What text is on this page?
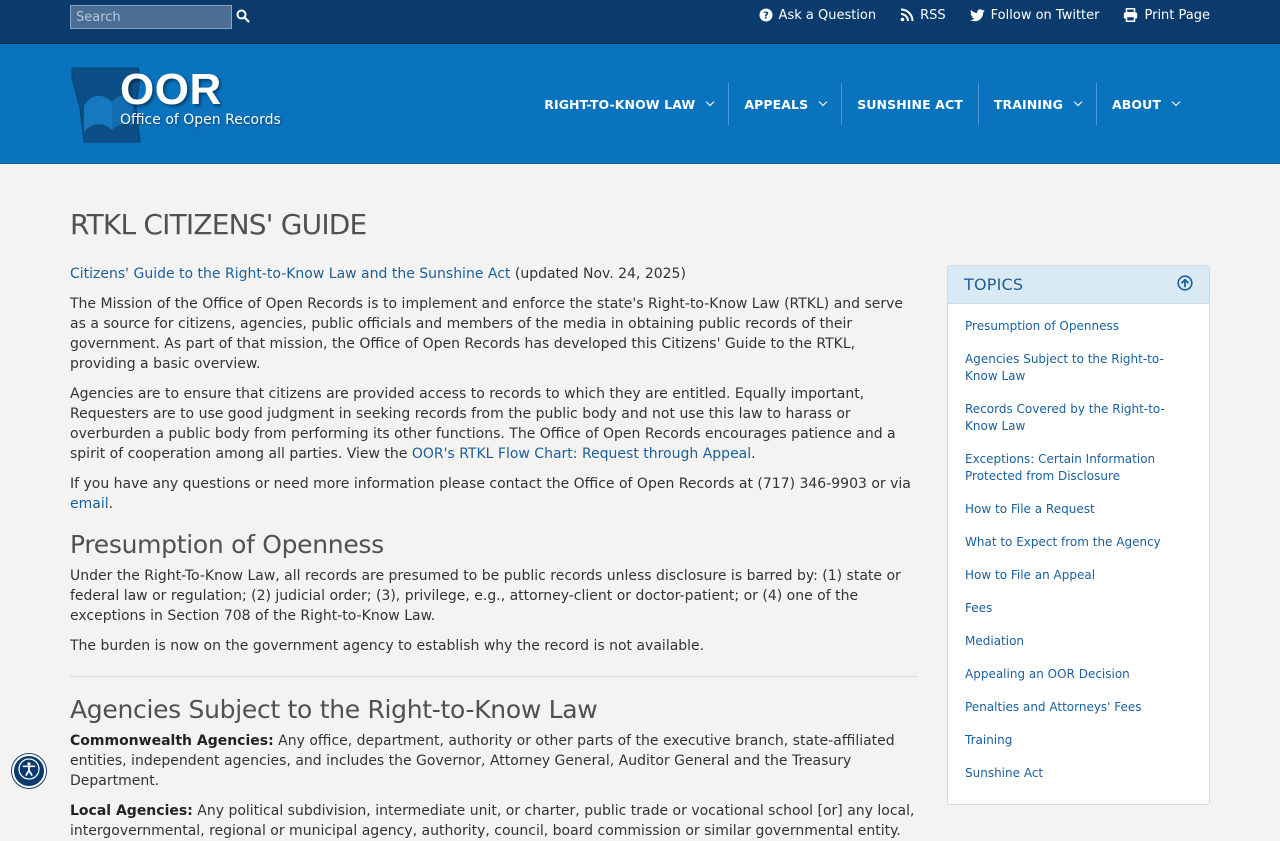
Search
? Ask a Question	RSS	Follow on Twitter	Print Page
OOR
Office of Open Records
RIGHT-TO-KNOW LAW	APPEALS	SUNSHINE ACT TRAINING	ABOUT
RTKL CITIZENS' GUIDE

Citizens' Guide to the Right-to-Know Law and the Sunshine Act (updated Nov. 24, 2025)

The Mission of the Office of Open Records is to implement and enforce the state's Right-to-Know Law (RTKL) and serve as a source for citizens, agencies, public officials and members of the media in obtaining public records of their government. As part of that mission, the Office of Open Records has developed this Citizens' Guide to the RTKL, providing a basic overview.

Agencies are to ensure that citizens are provided access to records to which they are entitled. Equally important, Requesters are to use good judgment in seeking records from the public body and not use this law to harass or overburden a public body from performing its other functions. The Office of Open Records encourages patience and a spirit of cooperation among all parties. View the OOR's RTKL Flow Chart: Request through Appeal.

If you have any questions or need more information please contact the Office of Open Records at (717) 346-9903 or via email.

Presumption of Openness

Under the Right-To-Know Law, all records are presumed to be public records unless disclosure is barred by: (1) state or federal law or regulation; (2) judicial order; (3), privilege, e.g., attorney-client or doctor-patient; or (4) one of the exceptions in Section 708 of the Right-to-Know Law.

The burden is now on the government agency to establish why the record is not available.

Agencies Subject to the Right-to-Know Law

Commonwealth Agencies: Any office, department, authority or other parts of the executive branch, state-affiliated entities, independent agencies, and includes the Governor, Attorney General, Auditor General and the Treasury Department.

Local Agencies: Any political subdivision, intermediate unit, or charter, public trade or vocational school [or] any local, intergovernmental, regional or municipal agency, authority, council, board commission or similar governmental entity.

TOPICS
Presumption of Openness
Agencies Subject to the Right-to-Know Law
Records Covered by the Right-to-Know Law
Exceptions: Certain Information Protected from Disclosure
How to File a Request
What to Expect from the Agency
How to File an Appeal
Fees
Mediation
Appealing an OOR Decision
Penalties and Attorneys' Fees
Training
Sunshine Act
